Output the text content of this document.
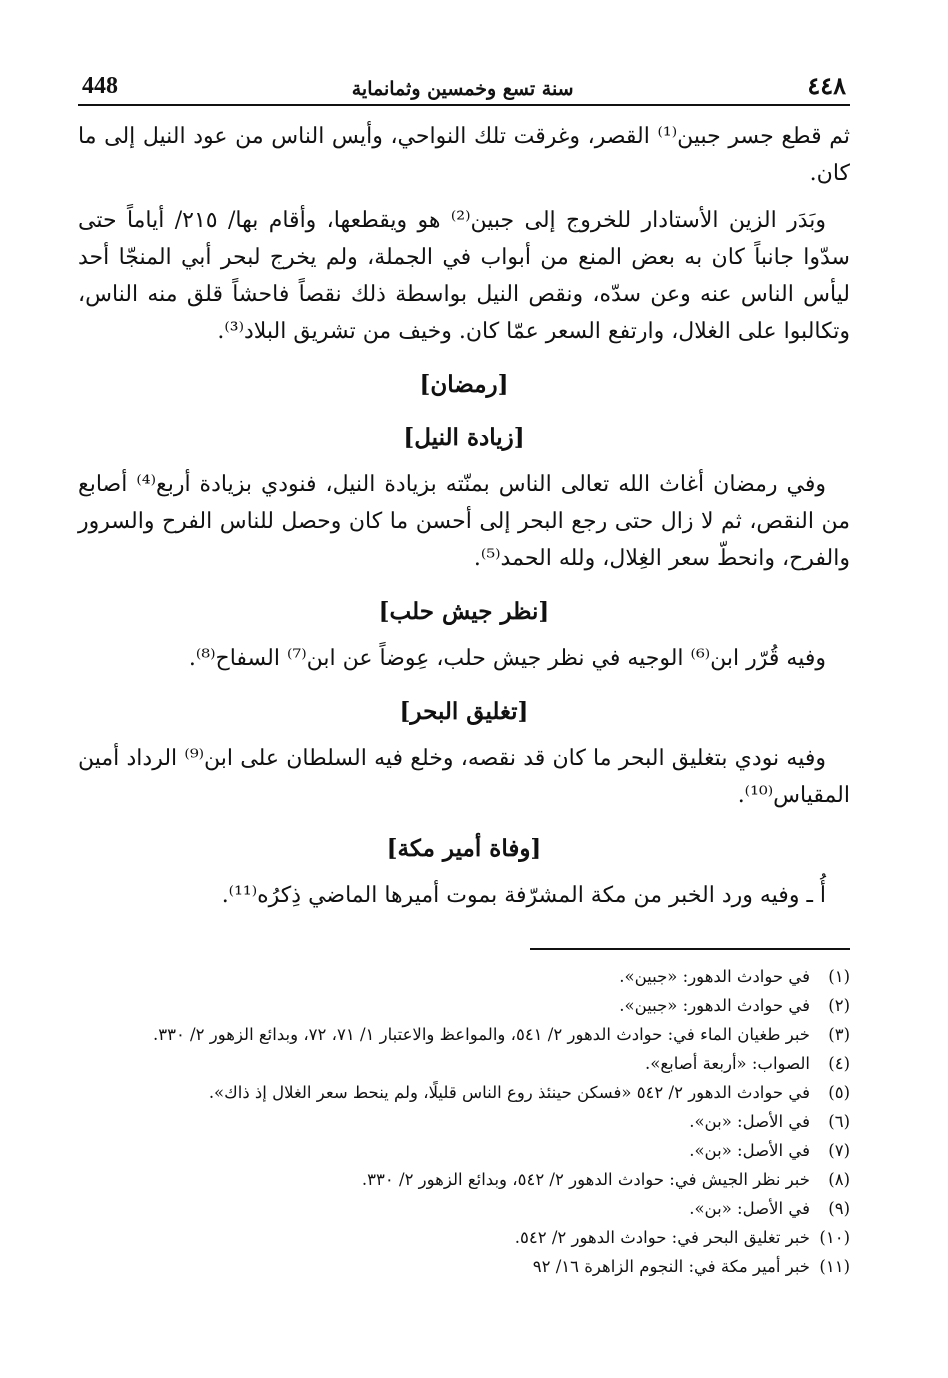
448	سنة تسع وخمسين وثمانماية	٤٤٨

ثم قطع جسر جبين⁽¹⁾ القصر، وغرقت تلك النواحي، وأيس الناس من عود النيل إلى ما كان.

وبَدَر الزين الأستادار للخروج إلى جبين⁽²⁾ هو ويقطعها، وأقام بها/ ٢١٥/ أياماً حتى سدّوا جانباً كان به بعض المنع من أبواب في الجملة، ولم يخرج لبحر أبي المنجّا أحد ليأس الناس عنه وعن سدّه، ونقص النيل بواسطة ذلك نقصاً فاحشاً قلق منه الناس، وتكالبوا على الغلال، وارتفع السعر عمّا كان. وخيف من تشريق البلاد⁽³⁾.

[رمضان]
[زيادة النيل]

وفي رمضان أغاث الله تعالى الناس بمنّته بزيادة النيل، فنودي بزيادة أربع⁽⁴⁾ أصابع من النقص، ثم لا زال حتى رجع البحر إلى أحسن ما كان وحصل للناس الفرح والسرور والفرح، وانحطّ سعر الغِلال، ولله الحمد⁽⁵⁾.

[نظر جيش حلب]

وفيه قُرّر ابن⁽⁶⁾ الوجيه في نظر جيش حلب، عِوضاً عن ابن⁽⁷⁾ السفاح⁽⁸⁾.

[تغليق البحر]

وفيه نودي بتغليق البحر ما كان قد نقصه، وخلع فيه السلطان على ابن⁽⁹⁾ الرداد أمين المقياس⁽¹⁰⁾.

[وفاة أمير مكة]

أُ ـ وفيه ورد الخبر من مكة المشرّفة بموت أميرها الماضي ذِكرُه⁽¹¹⁾.

(١)
في حوادث الدهور: «جبين».
(٢)
في حوادث الدهور: «جبين».
(٣)
خبر طغيان الماء في: حوادث الدهور ٢/ ٥٤١، والمواعظ والاعتبار ١/ ٧١، ٧٢، وبدائع الزهور ٢/ ٣٣٠.
(٤)
الصواب: «أربعة أصابع».
(٥)
في حوادث الدهور ٢/ ٥٤٢ «فسكن حينئذ روع الناس قليلًا، ولم ينحط سعر الغلال إذ ذاك».
(٦)
في الأصل: «بن».
(٧)
في الأصل: «بن».
(٨)
خبر نظر الجيش في: حوادث الدهور ٢/ ٥٤٢، وبدائع الزهور ٢/ ٣٣٠.
(٩)
في الأصل: «بن».
(١٠)
خبر تغليق البحر في: حوادث الدهور ٢/ ٥٤٢.
(١١)
خبر أمير مكة في: النجوم الزاهرة ١٦/ ٩٢
